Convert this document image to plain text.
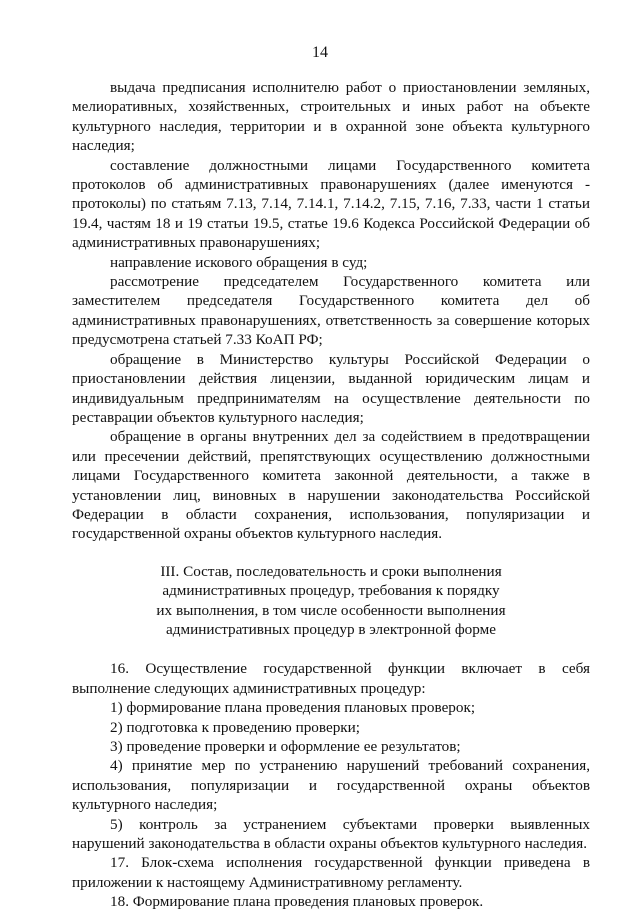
14

выдача предписания исполнителю работ о приостановлении земляных, мелиоративных, хозяйственных, строительных и иных работ на объекте культурного наследия, территории и в охранной зоне объекта культурного наследия;

составление должностными лицами Государственного комитета протоколов об административных правонарушениях (далее именуются - протоколы) по статьям 7.13, 7.14, 7.14.1, 7.14.2, 7.15, 7.16, 7.33, части 1 статьи 19.4, частям 18 и 19 статьи 19.5, статье 19.6 Кодекса Российской Федерации об административных правонарушениях;

направление искового обращения в суд;

рассмотрение председателем Государственного комитета или заместителем председателя Государственного комитета дел об административных правонарушениях, ответственность за совершение которых предусмотрена статьей 7.33 КоАП РФ;

обращение в Министерство культуры Российской Федерации о приостановлении действия лицензии, выданной юридическим лицам и индивидуальным предпринимателям на осуществление деятельности по реставрации объектов культурного наследия;

обращение в органы внутренних дел за содействием в предотвращении или пресечении действий, препятствующих осуществлению должностными лицами Государственного комитета законной деятельности, а также в установлении лиц, виновных в нарушении законодательства Российской Федерации в области сохранения, использования, популяризации и государственной охраны объектов культурного наследия.

III. Состав, последовательность и сроки выполнения
административных процедур, требования к порядку
их выполнения, в том числе особенности выполнения
административных процедур в электронной форме

16. Осуществление государственной функции включает в себя выполнение следующих административных процедур:

1) формирование плана проведения плановых проверок;

2) подготовка к проведению проверки;

3) проведение проверки и оформление ее результатов;

4) принятие мер по устранению нарушений требований сохранения, использования, популяризации и государственной охраны объектов культурного наследия;

5) контроль за устранением субъектами проверки выявленных нарушений законодательства в области охраны объектов культурного наследия.

17. Блок-схема исполнения государственной функции приведена в приложении к настоящему Административному регламенту.

18. Формирование плана проведения плановых проверок.
